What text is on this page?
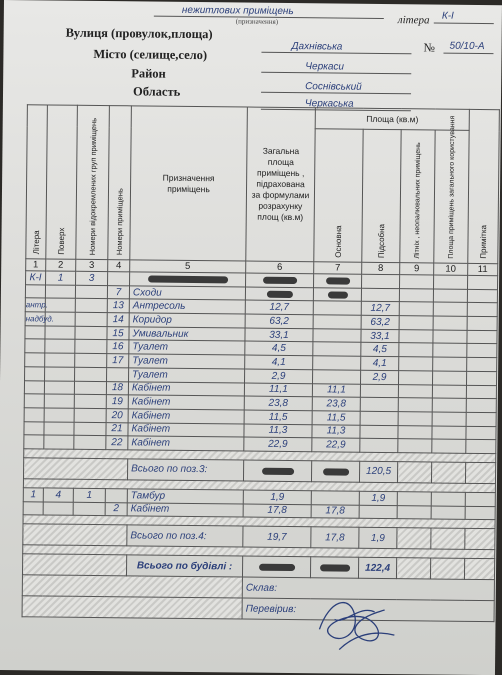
нежитлових приміщень
(призначення)	літера К-І
Вулиця (провулок,площа)
Дахнівська	№ 50/10-А
Місто (селище,село)
Черкаси
Район
Соснівський
Область
Черкаська
Літера	Поверх	Номери відокремлених груп приміщень	Номери приміщень	Призначення приміщень	Загальна площа приміщень , підрахована за формулами розрахунку площ (кв.м)	Площа (кв.м)				Примітка

						Основна	Підсобна	Літніх , неопалювальних приміщень	Площа приміщень загального користування	

1	2	3	4	5	6	7	8	9	10	11
К-І	1	3								
			7	Сходи						
антр.			13	Антресоль	12,7		12,7			
надбуд.			14	Коридор	63,2		63,2			
			15	Умивальник	33,1		33,1			
			16	Туалет	4,5		4,5			
			17	Туалет	4,1		4,1			
				Туалет	2,9		2,9			
			18	Кабінет	11,1	11,1				
			19	Кабінет	23,8	23,8				
			20	Кабінет	11,5	11,5				
			21	Кабінет	11,3	11,3				
			22	Кабінет	22,9	22,9				

				Всього по поз.3:			120,5			

1	4	1		Тамбур	1,9		1,9			
			2	Кабінет	17,8	17,8				

				Всього по поз.4:	19,7	17,8	1,9			

				Всього по будівлі :			122,4			
					Склав:					
					Перевірив:					
